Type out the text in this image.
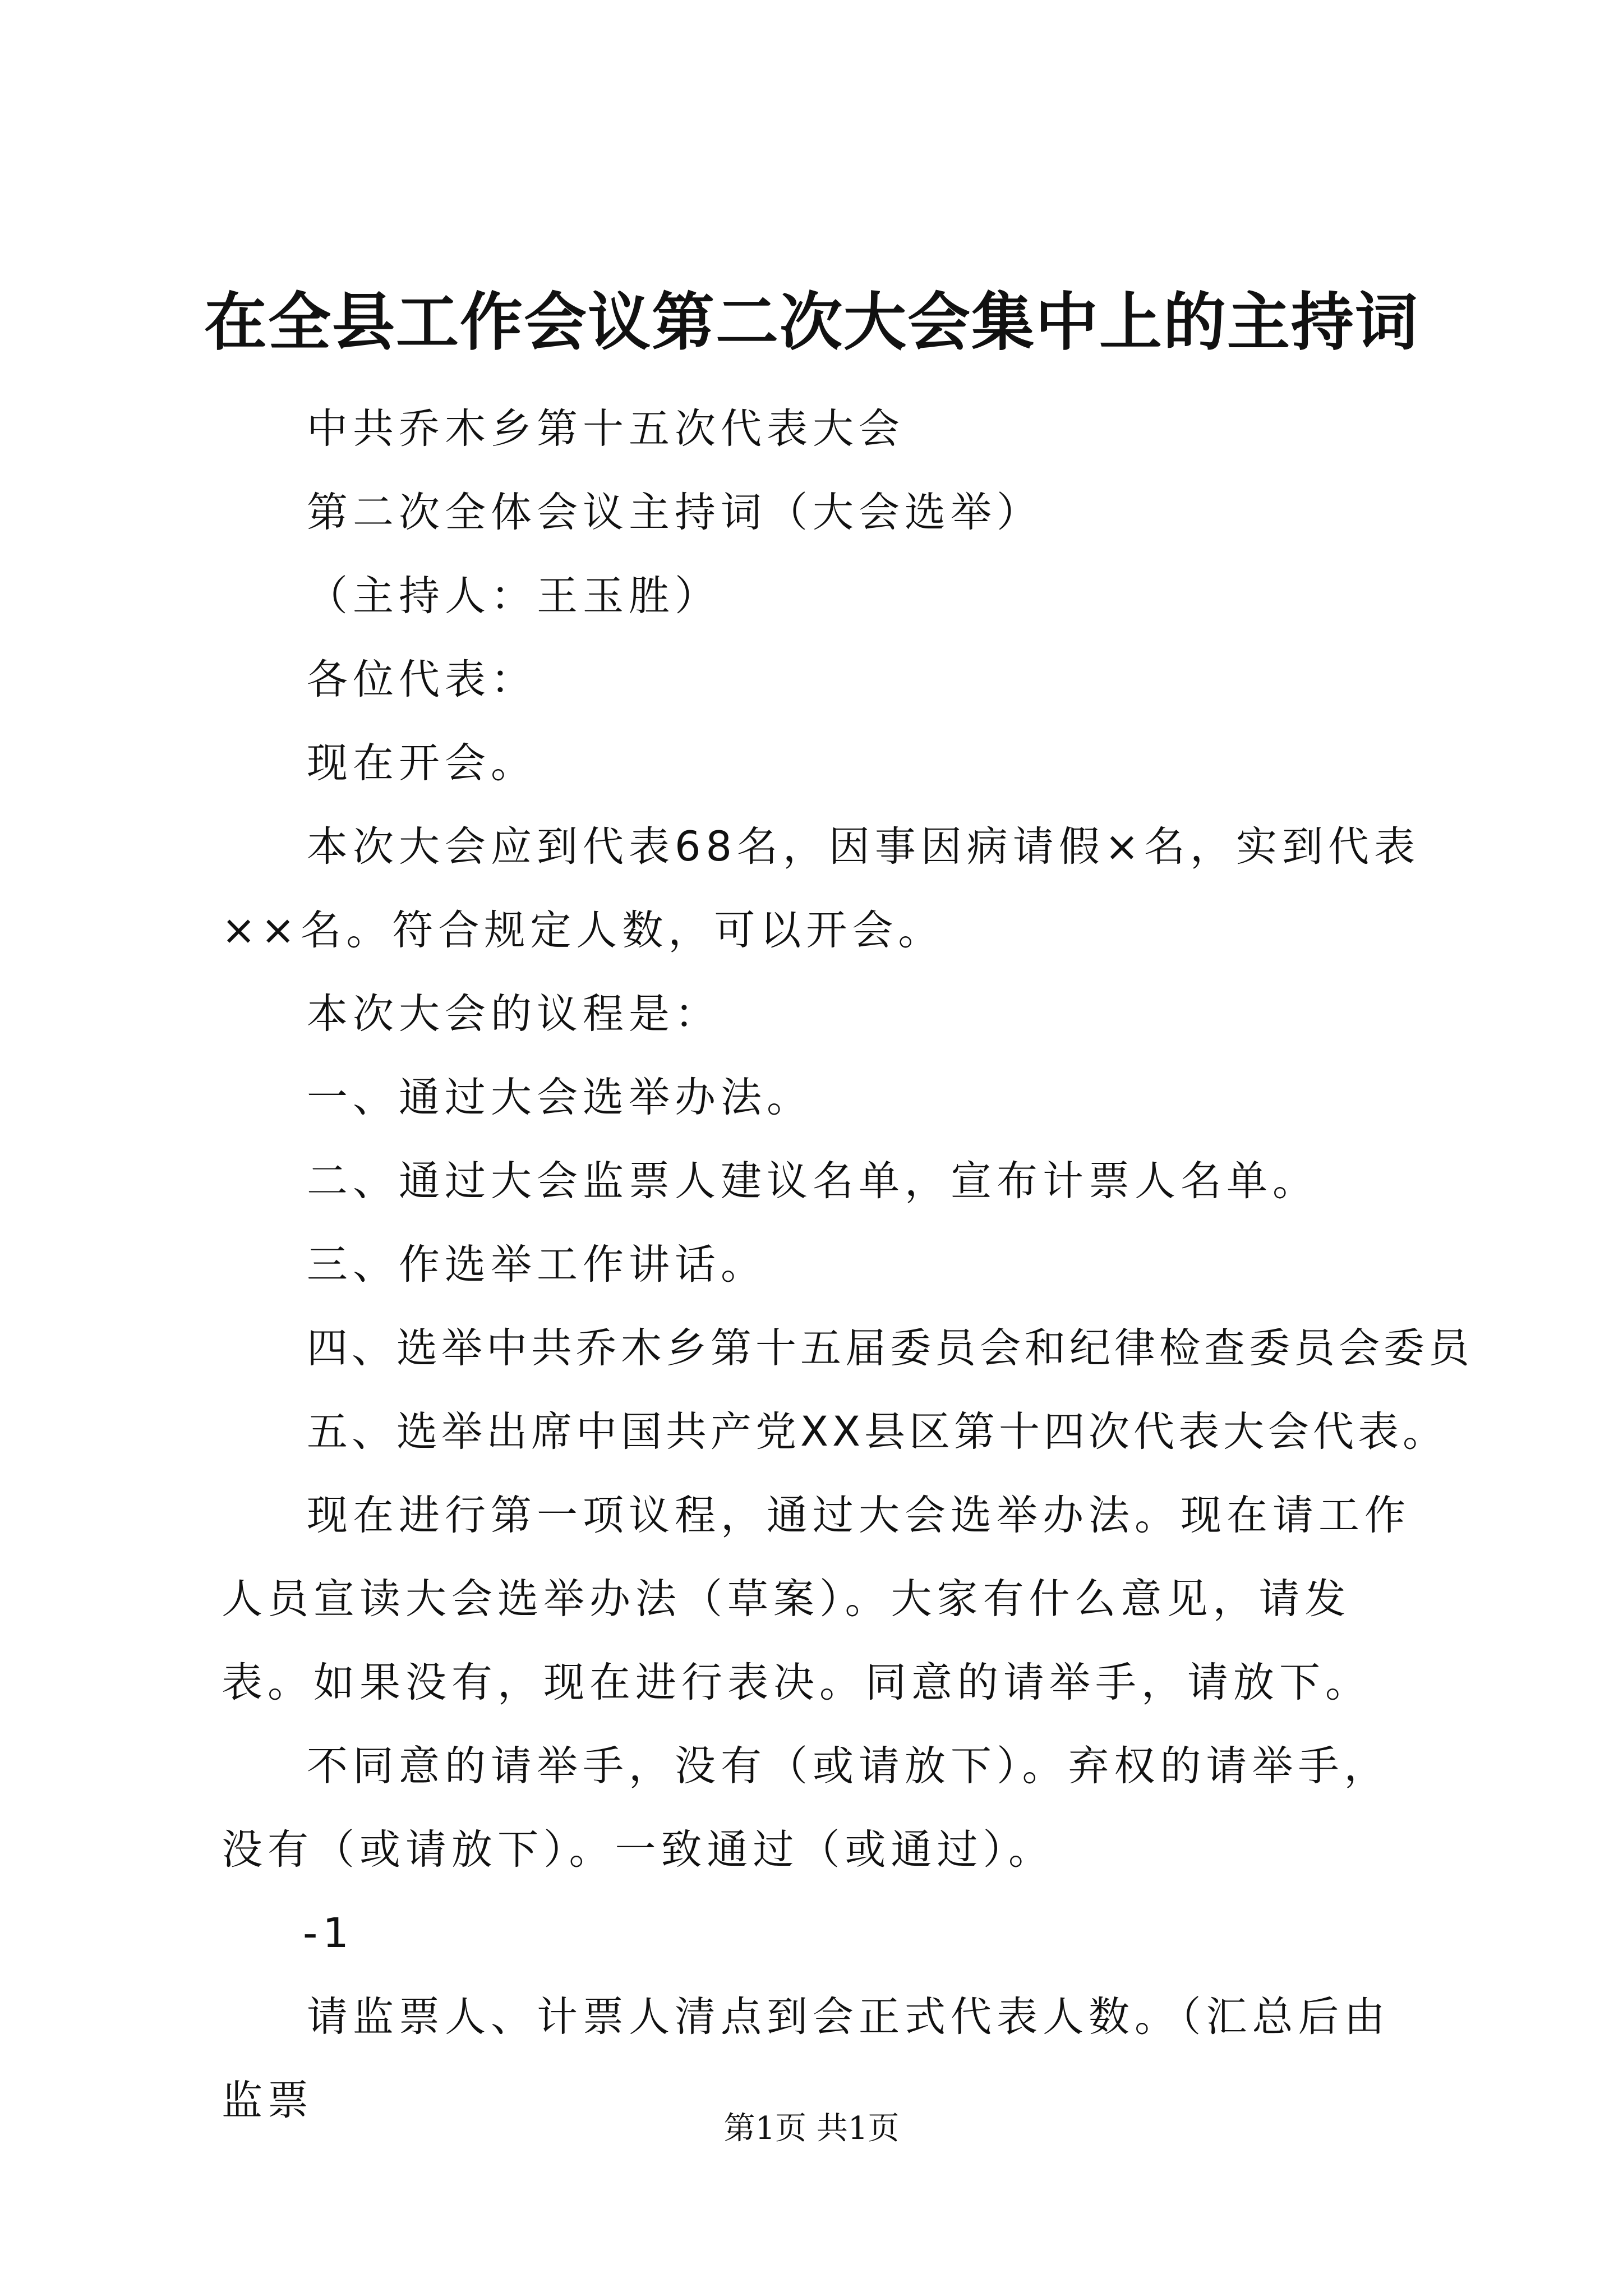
在全县工作会议第二次大会集中上的主持词

中共乔木乡第十五次代表大会

第二次全体会议主持词（大会选举）

（主持人：王玉胜）

各位代表：

现在开会。

本次大会应到代表68名，因事因病请假×名，实到代表××名。符合规定人数，可以开会。

本次大会的议程是：

一、通过大会选举办法。

二、通过大会监票人建议名单，宣布计票人名单。

三、作选举工作讲话。

四、选举中共乔木乡第十五届委员会和纪律检查委员会委员

五、选举出席中国共产党XX县区第十四次代表大会代表。

现在进行第一项议程，通过大会选举办法。现在请工作人员宣读大会选举办法（草案）。大家有什么意见，请发表。如果没有，现在进行表决。同意的请举手，请放下。

不同意的请举手，没有（或请放下）。弃权的请举手，没有（或请放下）。一致通过（或通过）。

-1

请监票人、计票人清点到会正式代表人数。（汇总后由监票

第1页 共1页
